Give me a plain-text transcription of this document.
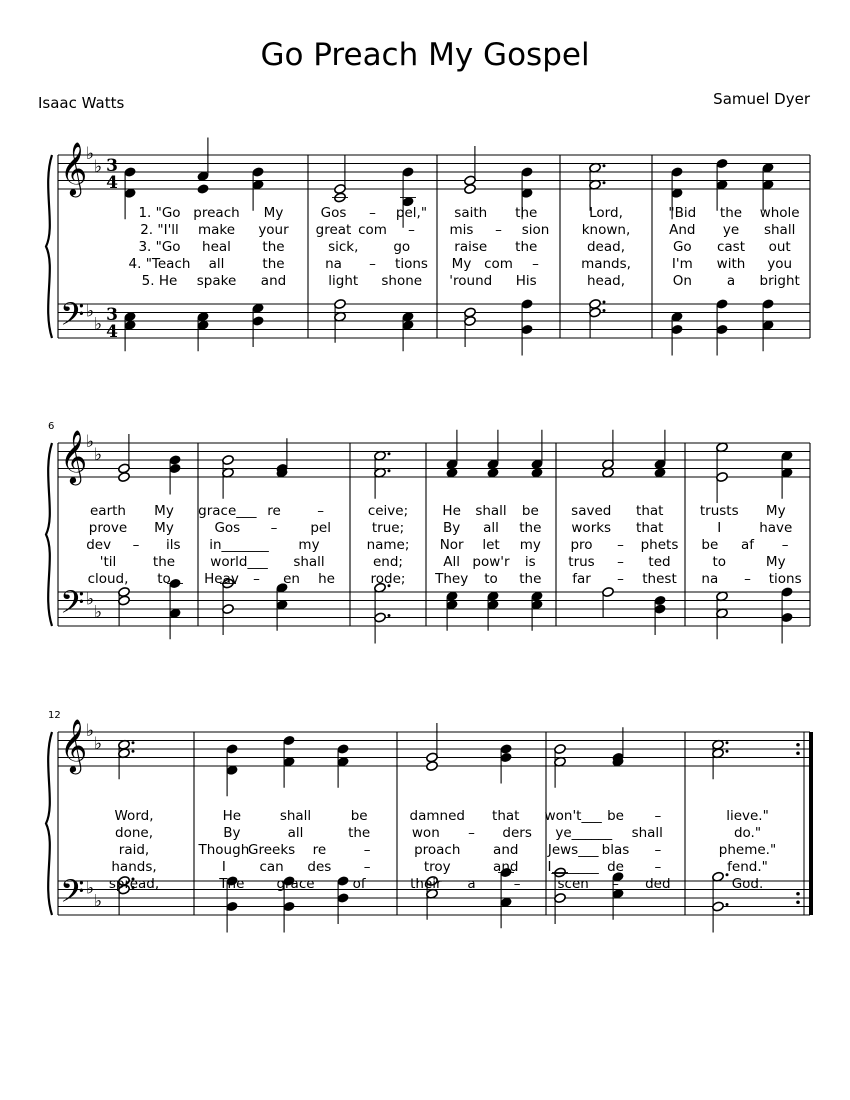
Go Preach My Gospel
Isaac Watts	Samuel Dyer
𝄞
𝄢
♭
♭
♭
♭
3
4
3
4
1. "Go preach My	Gos – pel," saith the	Lord,	"Bid the whole
2. "I'll make your great com –	mis – sion known,	And ye shall
3. "Go heal the	sick,	go	raise the	dead,	Go cast out
4. "Teach all	the	na – tions My com –	mands,	I'm with you
5. He spake and	light shone 'round His	head,	On	a bright
𝄞
𝄢
♭
♭
♭
♭
6
earth My grace___ re	–	ceive;	He shall be saved that	trusts My
prove My	Gos – pel	true;	By all the works that	I	have
dev – ils in_______ my	name; Nor let my pro – phets be af –
'til	the	world___ shall	end;	All pow'r is trus – ted	to	My
cloud, to Heav – en he	rode; They to the far – thest na – tions
𝄞
𝄢
♭
♭
♭
♭
12
Word,	He	shall	be	damned that won't___ be –	lieve."
done,	By	all	the	won – ders ye______ shall	do."
raid,	Though
Greeks re	–	proach and Jews___ blas –	pheme."
hands,	I can des –	troy	and I_______ de –	fend."
spread,	The grace	of	their a	–	scen – ded	God.
